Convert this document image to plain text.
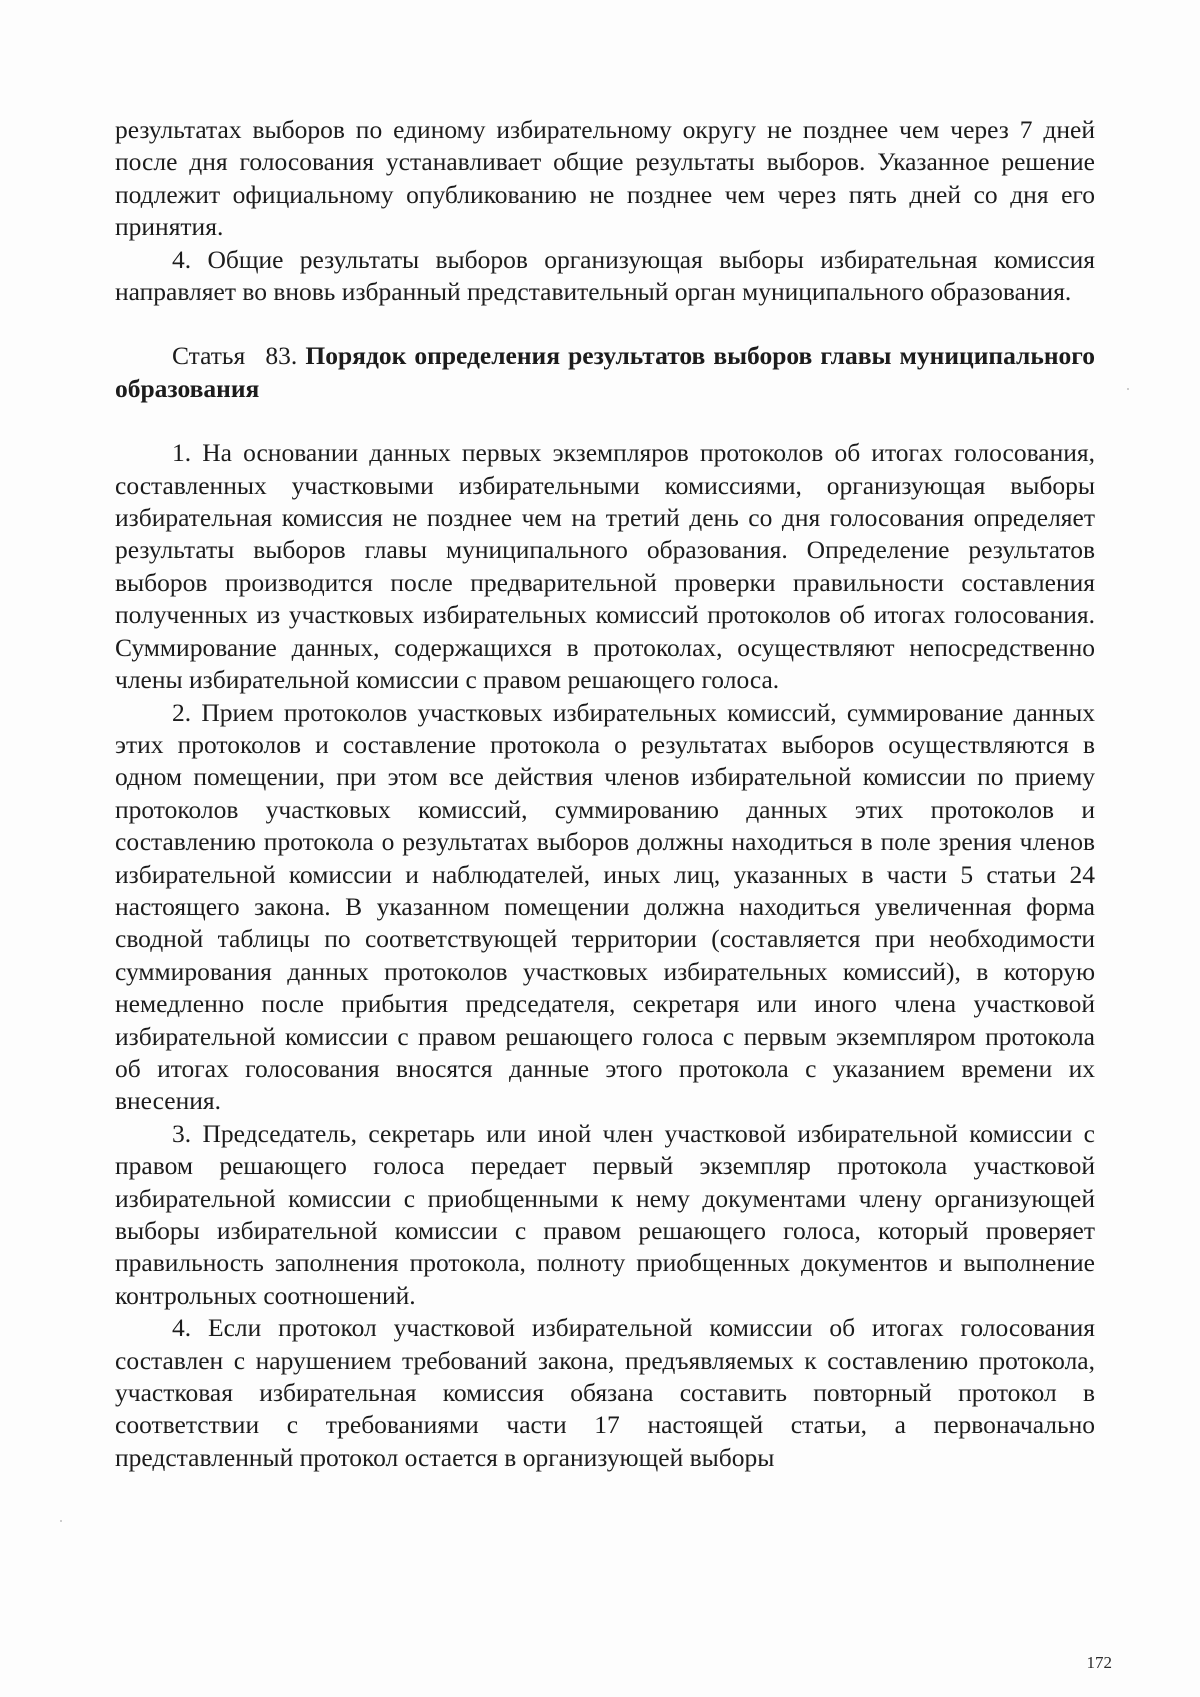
результатах выборов по единому избирательному округу не позднее чем через 7 дней после дня голосования устанавливает общие результаты выборов. Указанное решение подлежит официальному опубликованию не позднее чем через пять дней со дня его принятия.

4. Общие результаты выборов организующая выборы избирательная комиссия направляет во вновь избранный представительный орган муниципального образования.

Статья 83. Порядок определения результатов выборов главы муниципального образования

1. На основании данных первых экземпляров протоколов об итогах голосования, составленных участковыми избирательными комиссиями, организующая выборы избирательная комиссия не позднее чем на третий день со дня голосования определяет результаты выборов главы муниципального образования. Определение результатов выборов производится после предварительной проверки правильности составления полученных из участковых избирательных комиссий протоколов об итогах голосования. Суммирование данных, содержащихся в протоколах, осуществляют непосредственно члены избирательной комиссии с правом решающего голоса.

2. Прием протоколов участковых избирательных комиссий, суммирование данных этих протоколов и составление протокола о результатах выборов осуществляются в одном помещении, при этом все действия членов избирательной комиссии по приему протоколов участковых комиссий, суммированию данных этих протоколов и составлению протокола о результатах выборов должны находиться в поле зрения членов избирательной комиссии и наблюдателей, иных лиц, указанных в части 5 статьи 24 настоящего закона. В указанном помещении должна находиться увеличенная форма сводной таблицы по соответствующей территории (составляется при необходимости суммирования данных протоколов участковых избирательных комиссий), в которую немедленно после прибытия председателя, секретаря или иного члена участковой избирательной комиссии с правом решающего голоса с первым экземпляром протокола об итогах голосования вносятся данные этого протокола с указанием времени их внесения.

3. Председатель, секретарь или иной член участковой избирательной комиссии с правом решающего голоса передает первый экземпляр протокола участковой избирательной комиссии с приобщенными к нему документами члену организующей выборы избирательной комиссии с правом решающего голоса, который проверяет правильность заполнения протокола, полноту приобщенных документов и выполнение контрольных соотношений.

4. Если протокол участковой избирательной комиссии об итогах голосования составлен с нарушением требований закона, предъявляемых к составлению протокола, участковая избирательная комиссия обязана составить повторный протокол в соответствии с требованиями части 17 настоящей статьи, а первоначально представленный протокол остается в организующей выборы

172
